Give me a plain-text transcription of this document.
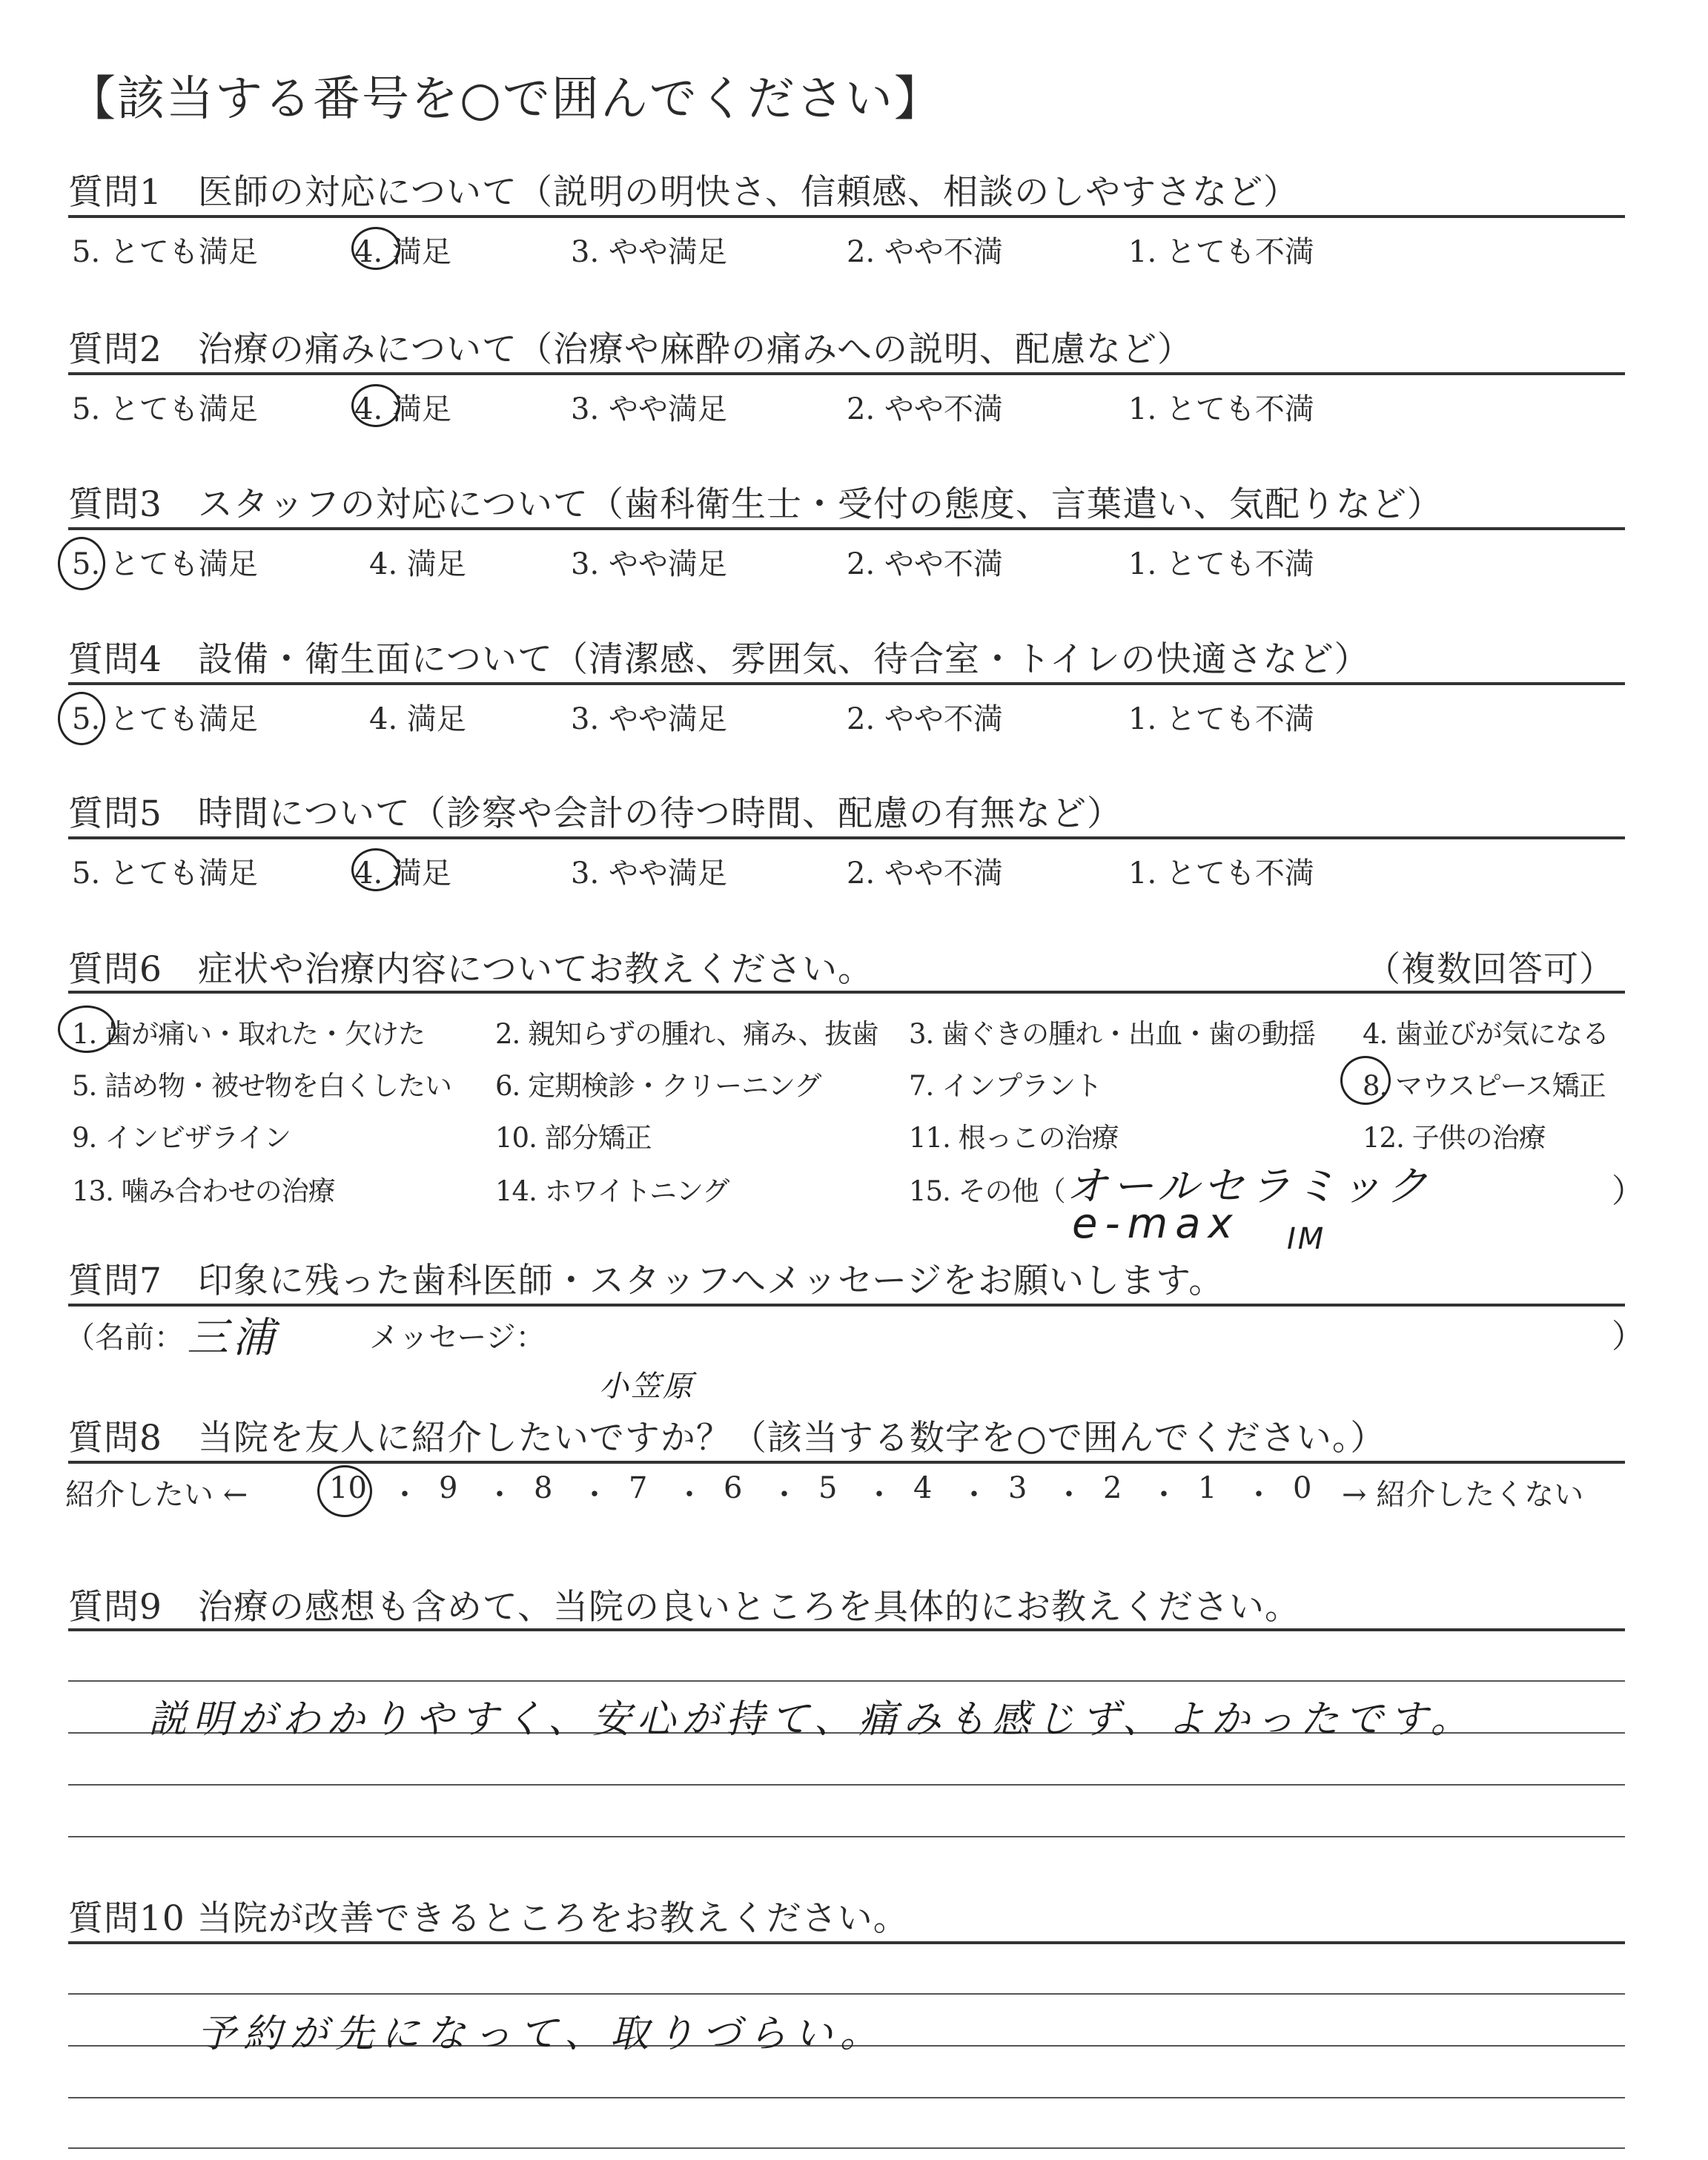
【該当する番号を○で囲んでください】
質問1　医師の対応について（説明の明快さ、信頼感、相談のしやすさなど）
5. とても満足	4. 満足	3. やや満足	2. やや不満	1. とても不満
質問2　治療の痛みについて（治療や麻酔の痛みへの説明、配慮など）
5. とても満足	4. 満足	3. やや満足	2. やや不満	1. とても不満
質問3　スタッフの対応について（歯科衛生士・受付の態度、言葉遣い、気配りなど）
5. とても満足	4. 満足	3. やや満足	2. やや不満	1. とても不満
質問4　設備・衛生面について（清潔感、雰囲気、待合室・トイレの快適さなど）
5. とても満足	4. 満足	3. やや満足	2. やや不満	1. とても不満
質問5　時間について（診察や会計の待つ時間、配慮の有無など）
5. とても満足	4. 満足	3. やや満足	2. やや不満	1. とても不満
質問6　症状や治療内容についてお教えください。	（複数回答可）
1. 歯が痛い・取れた・欠けた	2. 親知らずの腫れ、痛み、抜歯 3. 歯ぐきの腫れ・出血・歯の動揺 4. 歯並びが気になる
5. 詰め物・被せ物を白くしたい 6. 定期検診・クリーニング	7. インプラント	8. マウスピース矯正
9. インビザライン	10. 部分矯正	11. 根っこの治療	12. 子供の治療
13. 噛み合わせの治療	14. ホワイトニング	15. その他（	）
オールセラミック
e-max IM
質問7　印象に残った歯科医師・スタッフへメッセージをお願いします。
（名前： 三浦	メッセージ：	）
小笠原
質問8　当院を友人に紹介したいですか？（該当する数字を○で囲んでください。）
紹介したい ←	10 ・ 9 ・ 8 ・ 7 ・ 6 ・ 5 ・ 4 ・ 3 ・ 2 ・ 1 ・ 0 → 紹介したくない
質問9　治療の感想も含めて、当院の良いところを具体的にお教えください。
説明がわかりやすく、安心が持て、痛みも感じず、よかったです。
質問10 当院が改善できるところをお教えください。
予約が先になって、取りづらい。
